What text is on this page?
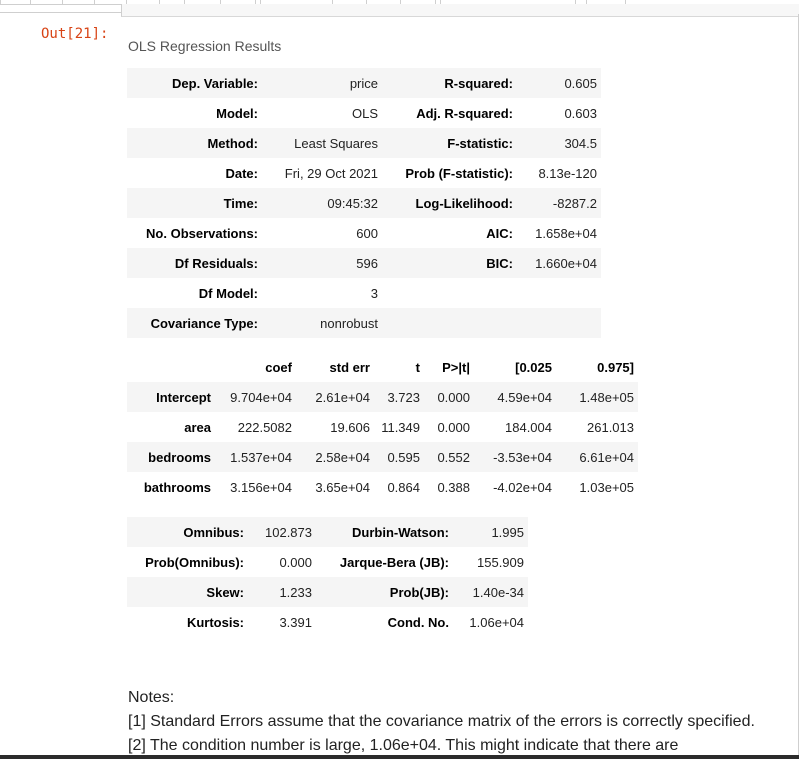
Out[21]:
OLS Regression Results
Dep. Variable:	price	R-squared:	0.605
Model:	OLS	Adj. R-squared:	0.603
Method:	Least Squares	F-statistic:	304.5
Date:	Fri, 29 Oct 2021	Prob (F-statistic):	8.13e-120
Time:	09:45:32	Log-Likelihood:	-8287.2
No. Observations:	600	AIC:	1.658e+04
Df Residuals:	596	BIC:	1.660e+04
Df Model:	3		
Covariance Type:	nonrobust		
	coef	std err	t	P>|t|	[0.025	0.975]
Intercept	9.704e+04	2.61e+04	3.723	0.000	4.59e+04	1.48e+05
area	222.5082	19.606	11.349	0.000	184.004	261.013
bedrooms	1.537e+04	2.58e+04	0.595	0.552	-3.53e+04	6.61e+04
bathrooms	3.156e+04	3.65e+04	0.864	0.388	-4.02e+04	1.03e+05
Omnibus:	102.873	Durbin-Watson:	1.995
Prob(Omnibus):	0.000	Jarque-Bera (JB):	155.909
Skew:	1.233	Prob(JB):	1.40e-34
Kurtosis:	3.391	Cond. No.	1.06e+04
Notes:
[1] Standard Errors assume that the covariance matrix of the errors is correctly specified.
[2] The condition number is large, 1.06e+04. This might indicate that there are
